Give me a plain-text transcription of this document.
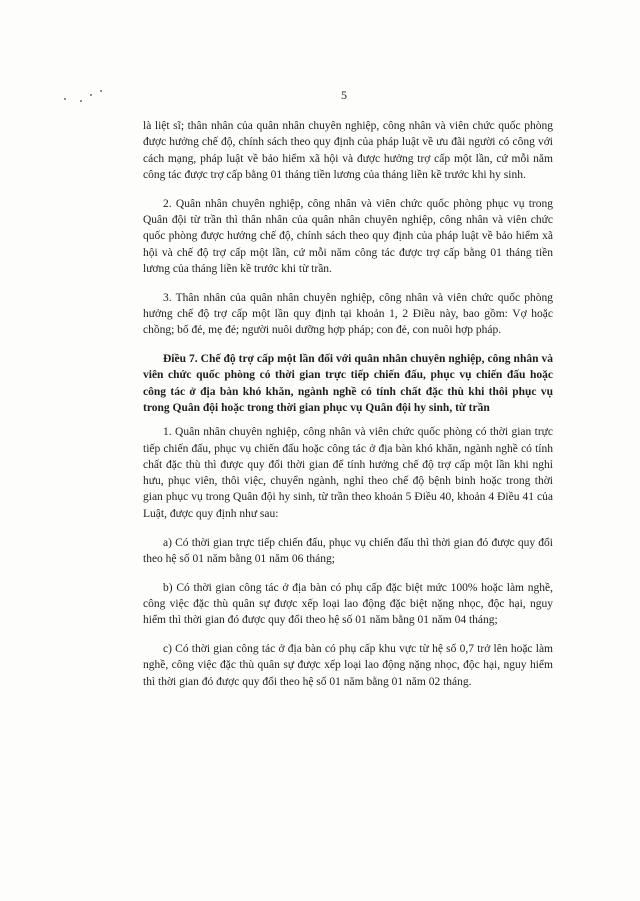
5

là liệt sĩ; thân nhân của quân nhân chuyên nghiệp, công nhân và viên chức quốc phòng được hưởng chế độ, chính sách theo quy định của pháp luật về ưu đãi người có công với cách mạng, pháp luật về bảo hiểm xã hội và được hưởng trợ cấp một lần, cứ mỗi năm công tác được trợ cấp bằng 01 tháng tiền lương của tháng liền kề trước khi hy sinh.

2. Quân nhân chuyên nghiệp, công nhân và viên chức quốc phòng phục vụ trong Quân đội từ trần thì thân nhân của quân nhân chuyên nghiệp, công nhân và viên chức quốc phòng được hưởng chế độ, chính sách theo quy định của pháp luật về bảo hiểm xã hội và chế độ trợ cấp một lần, cứ mỗi năm công tác được trợ cấp bằng 01 tháng tiền lương của tháng liền kề trước khi từ trần.

3. Thân nhân của quân nhân chuyên nghiệp, công nhân và viên chức quốc phòng hưởng chế độ trợ cấp một lần quy định tại khoản 1, 2 Điều này, bao gồm: Vợ hoặc chồng; bố đẻ, mẹ đẻ; người nuôi dưỡng hợp pháp; con đẻ, con nuôi hợp pháp.

Điều 7. Chế độ trợ cấp một lần đối với quân nhân chuyên nghiệp, công nhân và viên chức quốc phòng có thời gian trực tiếp chiến đấu, phục vụ chiến đấu hoặc công tác ở địa bàn khó khăn, ngành nghề có tính chất đặc thù khi thôi phục vụ trong Quân đội hoặc trong thời gian phục vụ Quân đội hy sinh, từ trần

1. Quân nhân chuyên nghiệp, công nhân và viên chức quốc phòng có thời gian trực tiếp chiến đấu, phục vụ chiến đấu hoặc công tác ở địa bàn khó khăn, ngành nghề có tính chất đặc thù thì được quy đổi thời gian để tính hưởng chế độ trợ cấp một lần khi nghỉ hưu, phục viên, thôi việc, chuyển ngành, nghỉ theo chế độ bệnh binh hoặc trong thời gian phục vụ trong Quân đội hy sinh, từ trần theo khoản 5 Điều 40, khoản 4 Điều 41 của Luật, được quy định như sau:

a) Có thời gian trực tiếp chiến đấu, phục vụ chiến đấu thì thời gian đó được quy đổi theo hệ số 01 năm bằng 01 năm 06 tháng;

b) Có thời gian công tác ở địa bàn có phụ cấp đặc biệt mức 100% hoặc làm nghề, công việc đặc thù quân sự được xếp loại lao động đặc biệt nặng nhọc, độc hại, nguy hiểm thì thời gian đó được quy đổi theo hệ số 01 năm bằng 01 năm 04 tháng;

c) Có thời gian công tác ở địa bàn có phụ cấp khu vực từ hệ số 0,7 trở lên hoặc làm nghề, công việc đặc thù quân sự được xếp loại lao động nặng nhọc, độc hại, nguy hiểm thì thời gian đó được quy đổi theo hệ số 01 năm bằng 01 năm 02 tháng.
